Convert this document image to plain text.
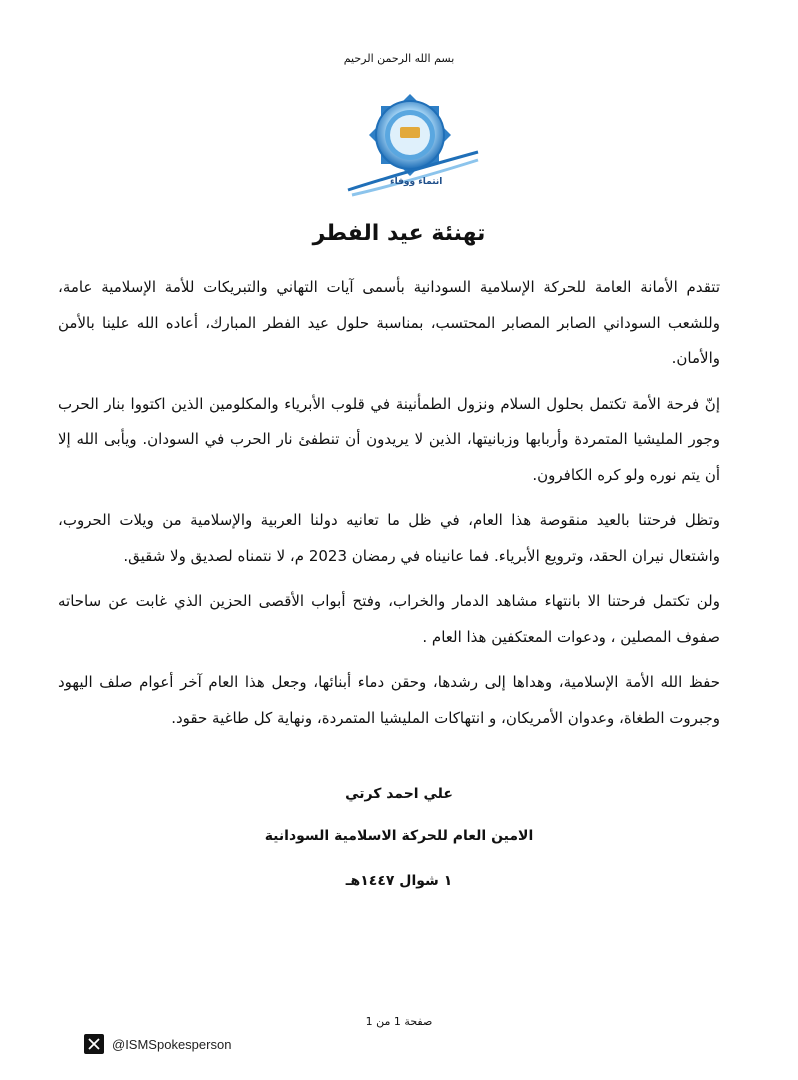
بسم الله الرحمن الرحيم
انتماء ووفاء
تهنئة عيد الفطر

تتقدم الأمانة العامة للحركة الإسلامية السودانية بأسمى آيات التهاني والتبريكات للأمة الإسلامية عامة، وللشعب السوداني الصابر المصابر المحتسب، بمناسبة حلول عيد الفطر المبارك، أعاده الله علينا بالأمن والأمان.

إنّ فرحة الأمة تكتمل بحلول السلام ونزول الطمأنينة في قلوب الأبرياء والمكلومين الذين اكتووا بنار الحرب وجور المليشيا المتمردة وأربابها وزبانيتها، الذين لا يريدون أن تنطفئ نار الحرب في السودان. ويأبى الله إلا أن يتم نوره ولو كره الكافرون.

وتظل فرحتنا بالعيد منقوصة هذا العام، في ظل ما تعانيه دولنا العربية والإسلامية من ويلات الحروب، واشتعال نيران الحقد، وترويع الأبرياء. فما عانيناه في رمضان 2023 م، لا نتمناه لصديق ولا شقيق.

ولن تكتمل فرحتنا الا بانتهاء مشاهد الدمار والخراب، وفتح أبواب الأقصى الحزين الذي غابت عن ساحاته صفوف المصلين ، ودعوات المعتكفين هذا العام .

حفظ الله الأمة الإسلامية، وهداها إلى رشدها، وحقن دماء أبنائها، وجعل هذا العام آخر أعوام صلف اليهود وجبروت الطغاة، وعدوان الأمريكان، و انتهاكات المليشيا المتمردة، ونهاية كل طاغية حقود.

علي احمد كرتي
الامين العام للحركة الاسلامية السودانية
١ شوال ١٤٤٧هـ
صفحة 1 من 1
@ISMSpokesperson
